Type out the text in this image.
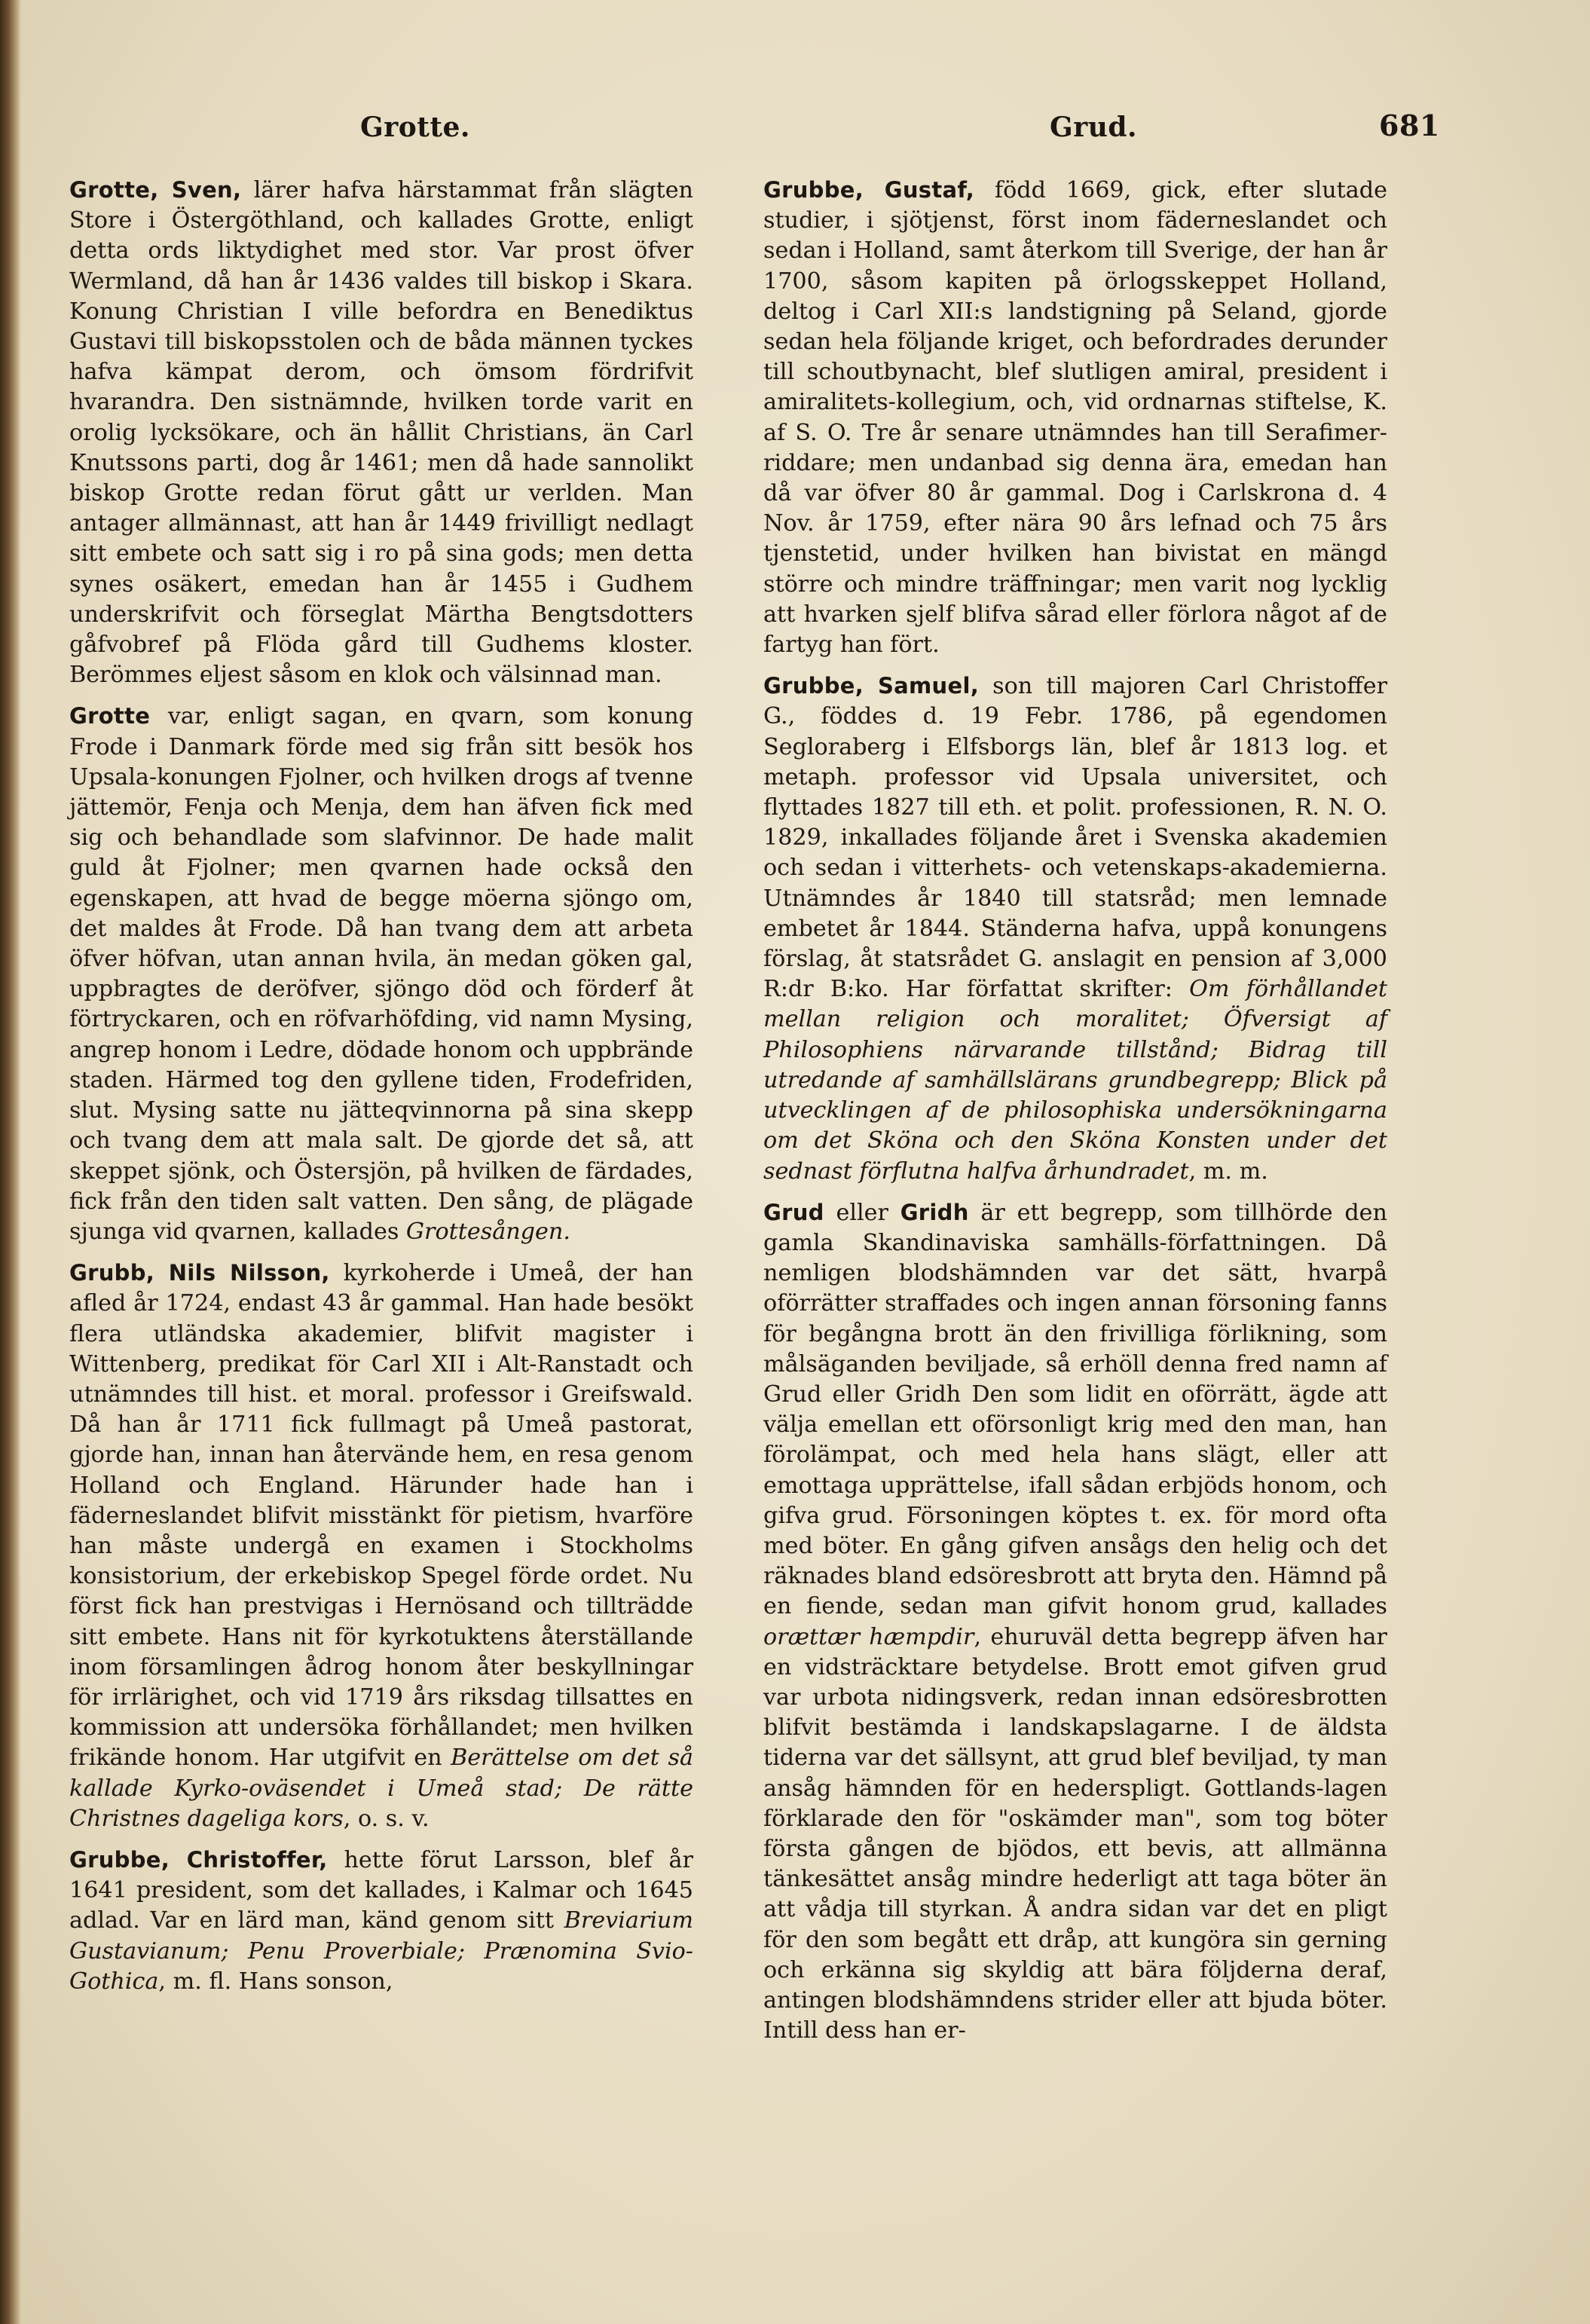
Grotte.	Grud.	681

Grotte, Sven, lärer hafva härstammat från slägten Store i Östergöthland, och kallades Grotte, enligt detta ords liktydighet med stor. Var prost öfver Wermland, då han år 1436 valdes till biskop i Skara. Konung Christian I ville befordra en Benediktus Gustavi till biskopsstolen och de båda männen tyckes hafva kämpat derom, och ömsom fördrifvit hvarandra. Den sistnämnde, hvilken torde varit en orolig lycksökare, och än hållit Christians, än Carl Knutssons parti, dog år 1461; men då hade sannolikt biskop Grotte redan förut gått ur verlden. Man antager allmännast, att han år 1449 frivilligt nedlagt sitt embete och satt sig i ro på sina gods; men detta synes osäkert, emedan han år 1455 i Gudhem underskrifvit och förseglat Märtha Bengtsdotters gåfvobref på Flöda gård till Gudhems kloster. Berömmes eljest såsom en klok och välsinnad man.

Grotte var, enligt sagan, en qvarn, som konung Frode i Danmark förde med sig från sitt besök hos Upsala-konungen Fjolner, och hvilken drogs af tvenne jättemör, Fenja och Menja, dem han äfven fick med sig och behandlade som slafvinnor. De hade malit guld åt Fjolner; men qvarnen hade också den egenskapen, att hvad de begge möerna sjöngo om, det maldes åt Frode. Då han tvang dem att arbeta öfver höfvan, utan annan hvila, än medan göken gal, uppbragtes de deröfver, sjöngo död och förderf åt förtryckaren, och en röfvarhöfding, vid namn Mysing, angrep honom i Ledre, dödade honom och uppbrände staden. Härmed tog den gyllene tiden, Frodefriden, slut. Mysing satte nu jätteqvinnorna på sina skepp och tvang dem att mala salt. De gjorde det så, att skeppet sjönk, och Östersjön, på hvilken de färdades, fick från den tiden salt vatten. Den sång, de plägade sjunga vid qvarnen, kallades Grottesången.

Grubb, Nils Nilsson, kyrkoherde i Umeå, der han afled år 1724, endast 43 år gammal. Han hade besökt flera utländska akademier, blifvit magister i Wittenberg, predikat för Carl XII i Alt-Ranstadt och utnämndes till hist. et moral. professor i Greifswald. Då han år 1711 fick fullmagt på Umeå pastorat, gjorde han, innan han återvände hem, en resa genom Holland och England. Härunder hade han i fäderneslandet blifvit misstänkt för pietism, hvarföre han måste undergå en examen i Stockholms konsistorium, der erkebiskop Spegel förde ordet. Nu först fick han prestvigas i Hernösand och tillträdde sitt embete. Hans nit för kyrkotuktens återställande inom församlingen ådrog honom åter beskyllningar för irrlärighet, och vid 1719 års riksdag tillsattes en kommission att undersöka förhållandet; men hvilken frikände honom. Har utgifvit en Berättelse om det så kallade Kyrko-oväsendet i Umeå stad; De rätte Christnes dageliga kors, o. s. v.

Grubbe, Christoffer, hette förut Larsson, blef år 1641 president, som det kallades, i Kalmar och 1645 adlad. Var en lärd man, känd genom sitt Breviarium Gustavianum; Penu Proverbiale; Prænomina Svio-Gothica, m. fl. Hans sonson,

Grubbe, Gustaf, född 1669, gick, efter slutade studier, i sjötjenst, först inom fäderneslandet och sedan i Holland, samt återkom till Sverige, der han år 1700, såsom kapiten på örlogsskeppet Holland, deltog i Carl XII:s landstigning på Seland, gjorde sedan hela följande kriget, och befordrades derunder till schoutbynacht, blef slutligen amiral, president i amiralitets-kollegium, och, vid ordnarnas stiftelse, K. af S. O. Tre år senare utnämndes han till Serafimer-riddare; men undanbad sig denna ära, emedan han då var öfver 80 år gammal. Dog i Carlskrona d. 4 Nov. år 1759, efter nära 90 års lefnad och 75 års tjenstetid, under hvilken han bivistat en mängd större och mindre träffningar; men varit nog lycklig att hvarken sjelf blifva sårad eller förlora något af de fartyg han fört.

Grubbe, Samuel, son till majoren Carl Christoffer G., föddes d. 19 Febr. 1786, på egendomen Segloraberg i Elfsborgs län, blef år 1813 log. et metaph. professor vid Upsala universitet, och flyttades 1827 till eth. et polit. professionen, R. N. O. 1829, inkallades följande året i Svenska akademien och sedan i vitterhets- och vetenskaps-akademierna. Utnämndes år 1840 till statsråd; men lemnade embetet år 1844. Ständerna hafva, uppå konungens förslag, åt statsrådet G. anslagit en pension af 3,000 R:dr B:ko. Har författat skrifter: Om förhållandet mellan religion och moralitet; Öfversigt af Philosophiens närvarande tillstånd; Bidrag till utredande af samhällslärans grundbegrepp; Blick på utvecklingen af de philosophiska undersökningarna om det Sköna och den Sköna Konsten under det sednast förflutna halfva århundradet, m. m.

Grud eller Gridh är ett begrepp, som tillhörde den gamla Skandinaviska samhälls-författningen. Då nemligen blodshämnden var det sätt, hvarpå oförrätter straffades och ingen annan försoning fanns för begångna brott än den frivilliga förlikning, som målsäganden beviljade, så erhöll denna fred namn af Grud eller Gridh Den som lidit en oförrätt, ägde att välja emellan ett oförsonligt krig med den man, han förolämpat, och med hela hans slägt, eller att emottaga upprättelse, ifall sådan erbjöds honom, och gifva grud. Försoningen köptes t. ex. för mord ofta med böter. En gång gifven ansågs den helig och det räknades bland edsöresbrott att bryta den. Hämnd på en fiende, sedan man gifvit honom grud, kallades orættær hæmpdir, ehuruväl detta begrepp äfven har en vidsträcktare betydelse. Brott emot gifven grud var urbota nidingsverk, redan innan edsöresbrotten blifvit bestämda i landskapslagarne. I de äldsta tiderna var det sällsynt, att grud blef beviljad, ty man ansåg hämnden för en hederspligt. Gottlands-lagen förklarade den för "oskämder man", som tog böter första gången de bjödos, ett bevis, att allmänna tänkesättet ansåg mindre hederligt att taga böter än att vådja till styrkan. Å andra sidan var det en pligt för den som begått ett dråp, att kungöra sin gerning och erkänna sig skyldig att bära följderna deraf, antingen blodshämndens strider eller att bjuda böter. Intill dess han er-
